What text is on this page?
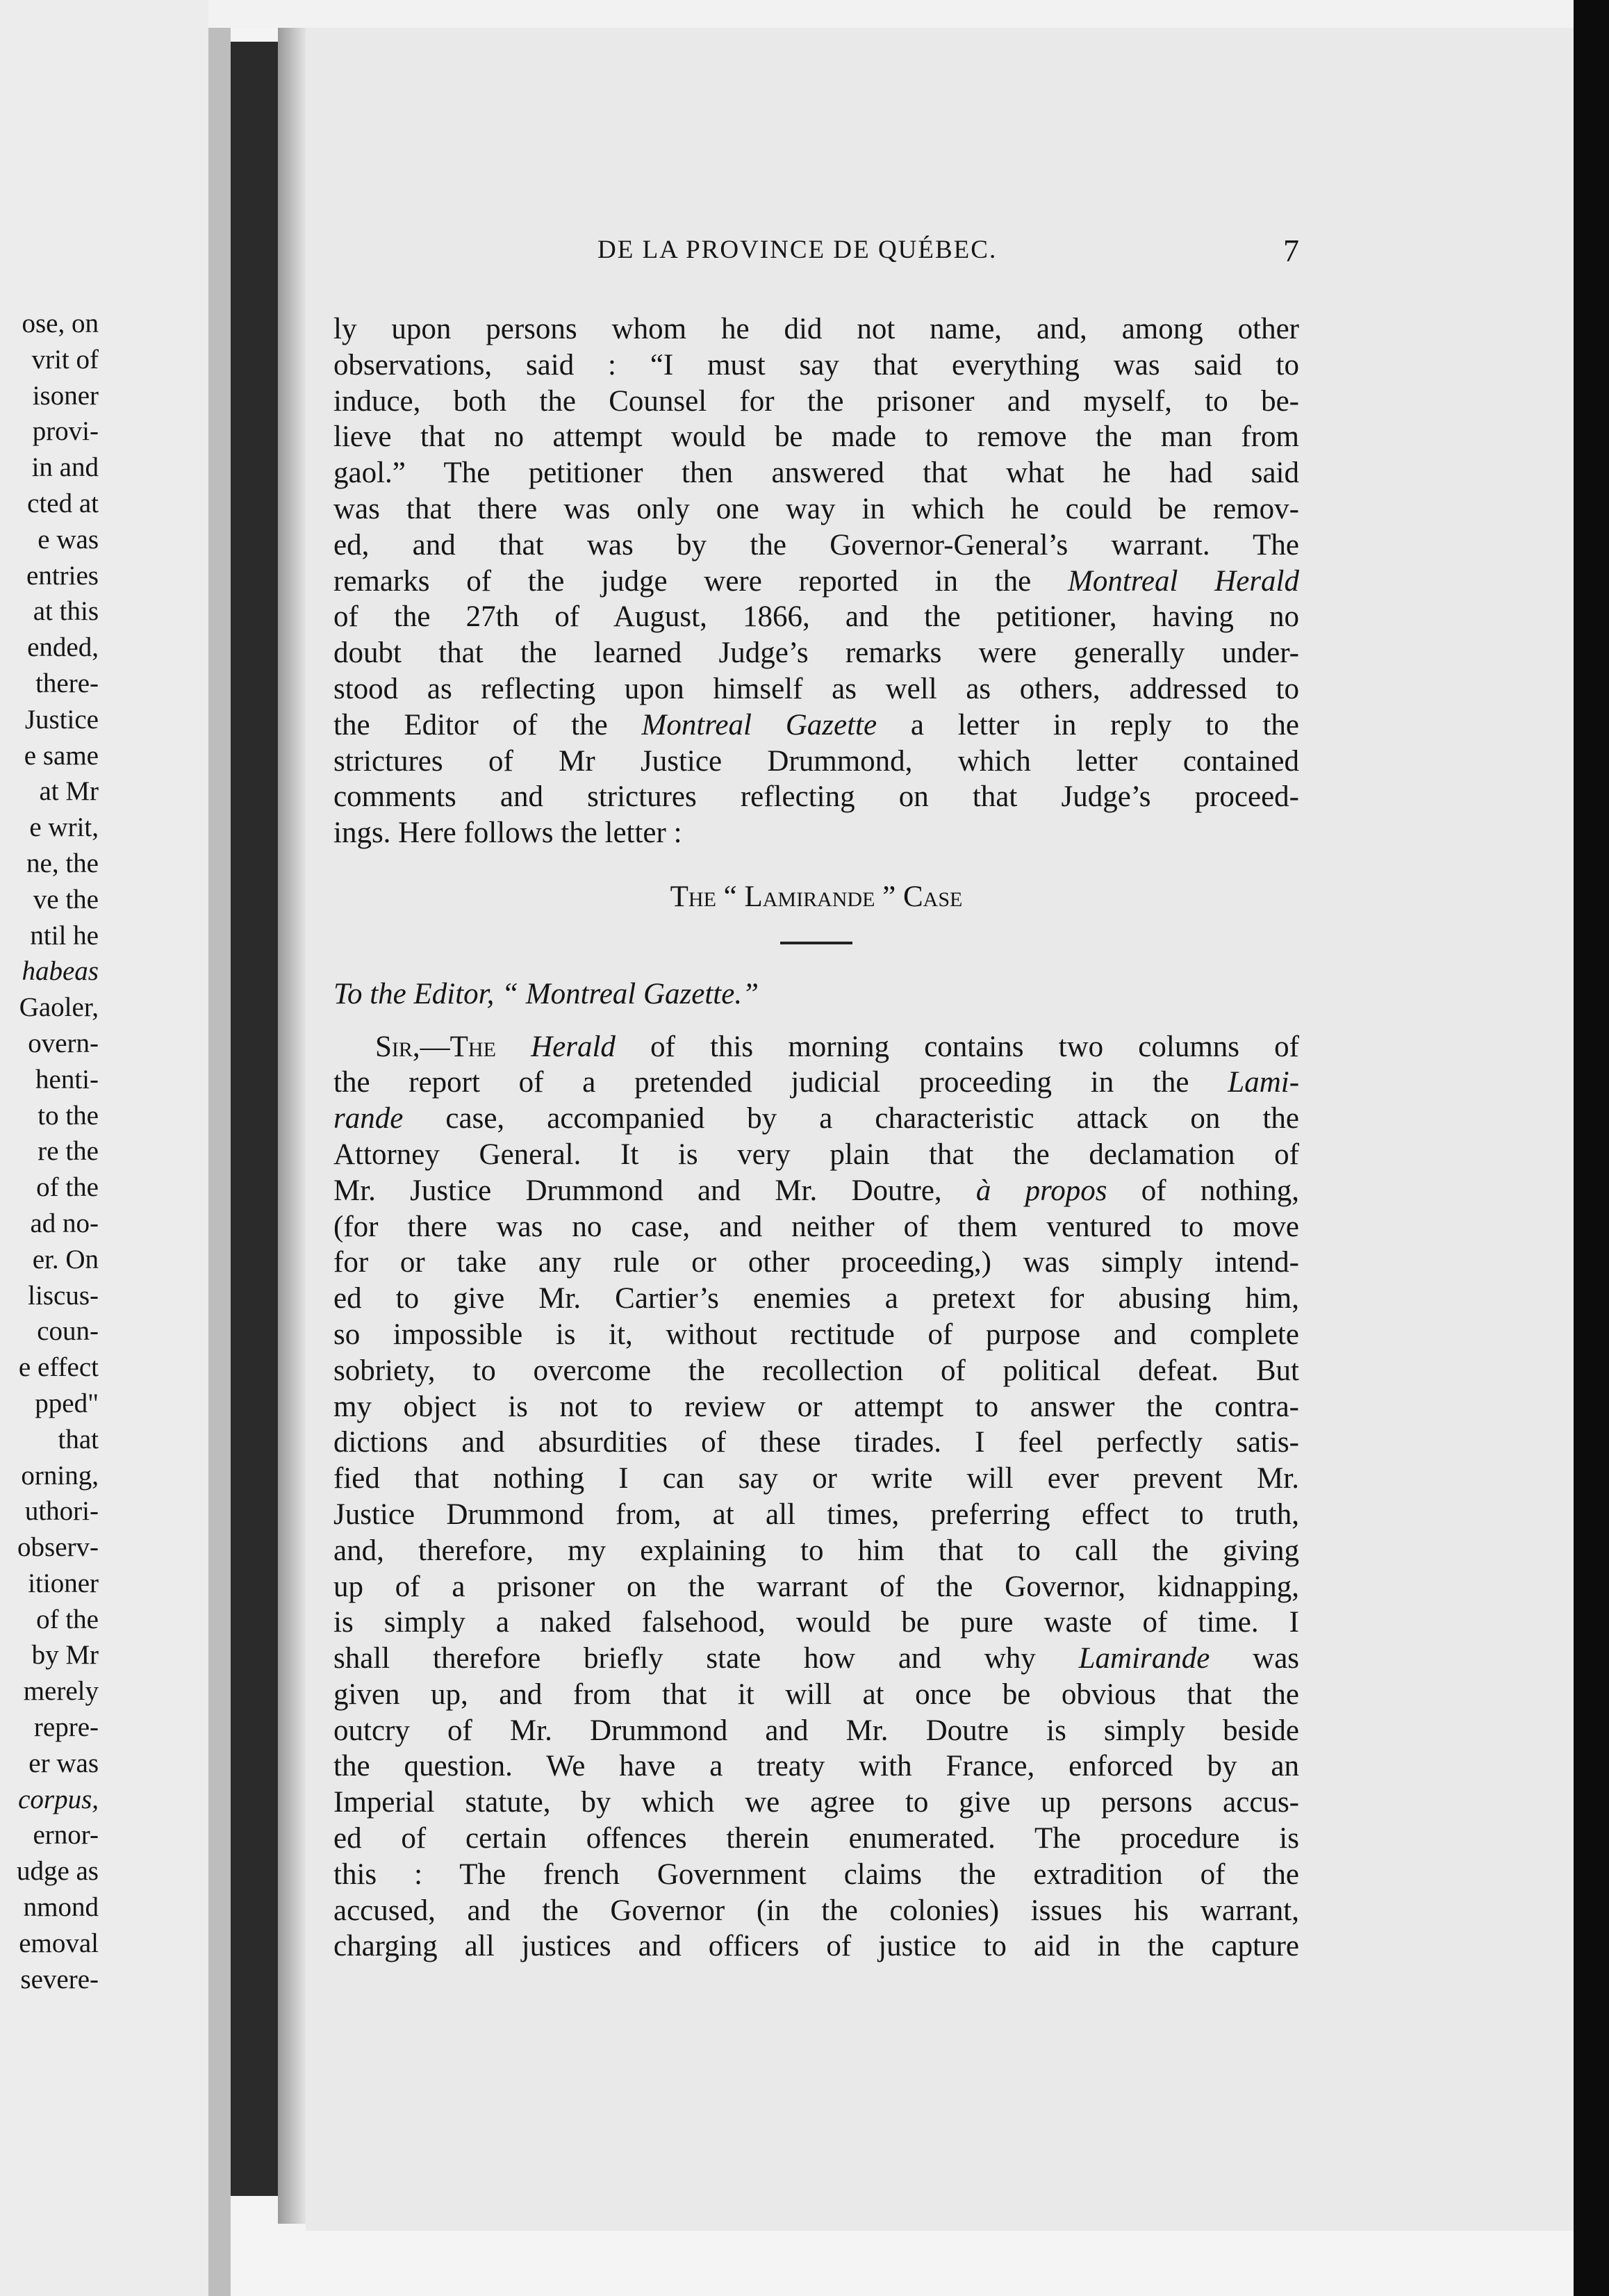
ose, on
vrit of
isoner
provi-
in and
cted at
e was
entries
at this
ended,
there-
Justice
e same
at Mr
e writ,
ne, the
ve the
ntil he
habeas
Gaoler,
overn-
henti-
to the
re the
of the
ad no-
er. On
liscus-
coun-
e effect
pped"
that
orning,
uthori-
observ-
itioner
of the
by Mr
merely
repre-
er was
corpus,
ernor-
udge as
nmond
emoval
severe-
DE LA PROVINCE DE QUÉBEC.	7
ly upon persons whom he did not name, and, among other
observations, said : “I must say that everything was said to
induce, both the Counsel for the prisoner and myself, to be-
lieve that no attempt would be made to remove the man from
gaol.” The petitioner then answered that what he had said
was that there was only one way in which he could be remov-
ed, and that was by the Governor-General’s warrant. The
remarks of the judge were reported in the Montreal Herald
of the 27th of August, 1866, and the petitioner, having no
doubt that the learned Judge’s remarks were generally under-
stood as reflecting upon himself as well as others, addressed to
the Editor of the Montreal Gazette a letter in reply to the
strictures of Mr Justice Drummond, which letter contained
comments and strictures reflecting on that Judge’s proceed-
ings. Here follows the letter :
The “ Lamirande ” Case
To the Editor, “ Montreal Gazette.”
Sir,—The Herald of this morning contains two columns of
the report of a pretended judicial proceeding in the Lami-
rande case, accompanied by a characteristic attack on the
Attorney General. It is very plain that the declamation of
Mr. Justice Drummond and Mr. Doutre, à propos of nothing,
(for there was no case, and neither of them ventured to move
for or take any rule or other proceeding,) was simply intend-
ed to give Mr. Cartier’s enemies a pretext for abusing him,
so impossible is it, without rectitude of purpose and complete
sobriety, to overcome the recollection of political defeat. But
my object is not to review or attempt to answer the contra-
dictions and absurdities of these tirades. I feel perfectly satis-
fied that nothing I can say or write will ever prevent Mr.
Justice Drummond from, at all times, preferring effect to truth,
and, therefore, my explaining to him that to call the giving
up of a prisoner on the warrant of the Governor, kidnapping,
is simply a naked falsehood, would be pure waste of time. I
shall therefore briefly state how and why Lamirande was
given up, and from that it will at once be obvious that the
outcry of Mr. Drummond and Mr. Doutre is simply beside
the question. We have a treaty with France, enforced by an
Imperial statute, by which we agree to give up persons accus-
ed of certain offences therein enumerated. The procedure is
this : The french Government claims the extradition of the
accused, and the Governor (in the colonies) issues his warrant,
charging all justices and officers of justice to aid in the capture
